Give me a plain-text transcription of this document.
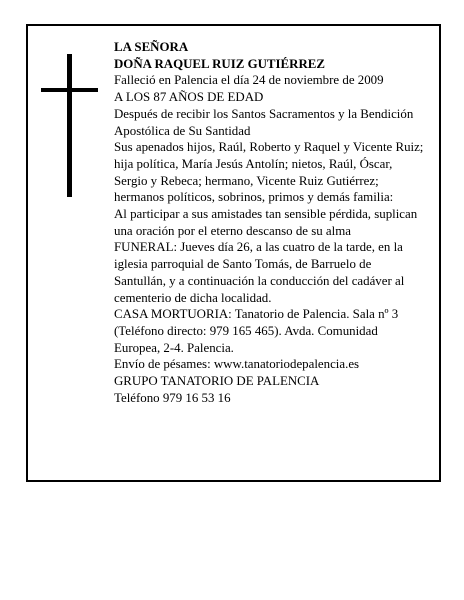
LA SEÑORA
DOÑA RAQUEL RUIZ GUTIÉRREZ
Falleció en Palencia el día 24 de noviembre de 2009
A LOS 87 AÑOS DE EDAD
Después de recibir los Santos Sacramentos y la Bendición Apostólica de Su Santidad
Sus apenados hijos, Raúl, Roberto y Raquel y Vicente Ruiz; hija política, María Jesús Antolín; nietos, Raúl, Óscar, Sergio y Rebeca; hermano, Vicente Ruiz Gutiérrez; hermanos políticos, sobrinos, primos y demás familia:
Al participar a sus amistades tan sensible pérdida, suplican una oración por el eterno descanso de su alma
FUNERAL: Jueves día 26, a las cuatro de la tarde, en la iglesia parroquial de Santo Tomás, de Barruelo de Santullán, y a continuación la conducción del cadáver al cementerio de dicha localidad.
CASA MORTUORIA: Tanatorio de Palencia. Sala nº 3 (Teléfono directo: 979 165 465). Avda. Comunidad Europea, 2-4. Palencia.
Envío de pésames: www.tanatoriodepalencia.es
GRUPO TANATORIO DE PALENCIA
Teléfono 979 16 53 16
